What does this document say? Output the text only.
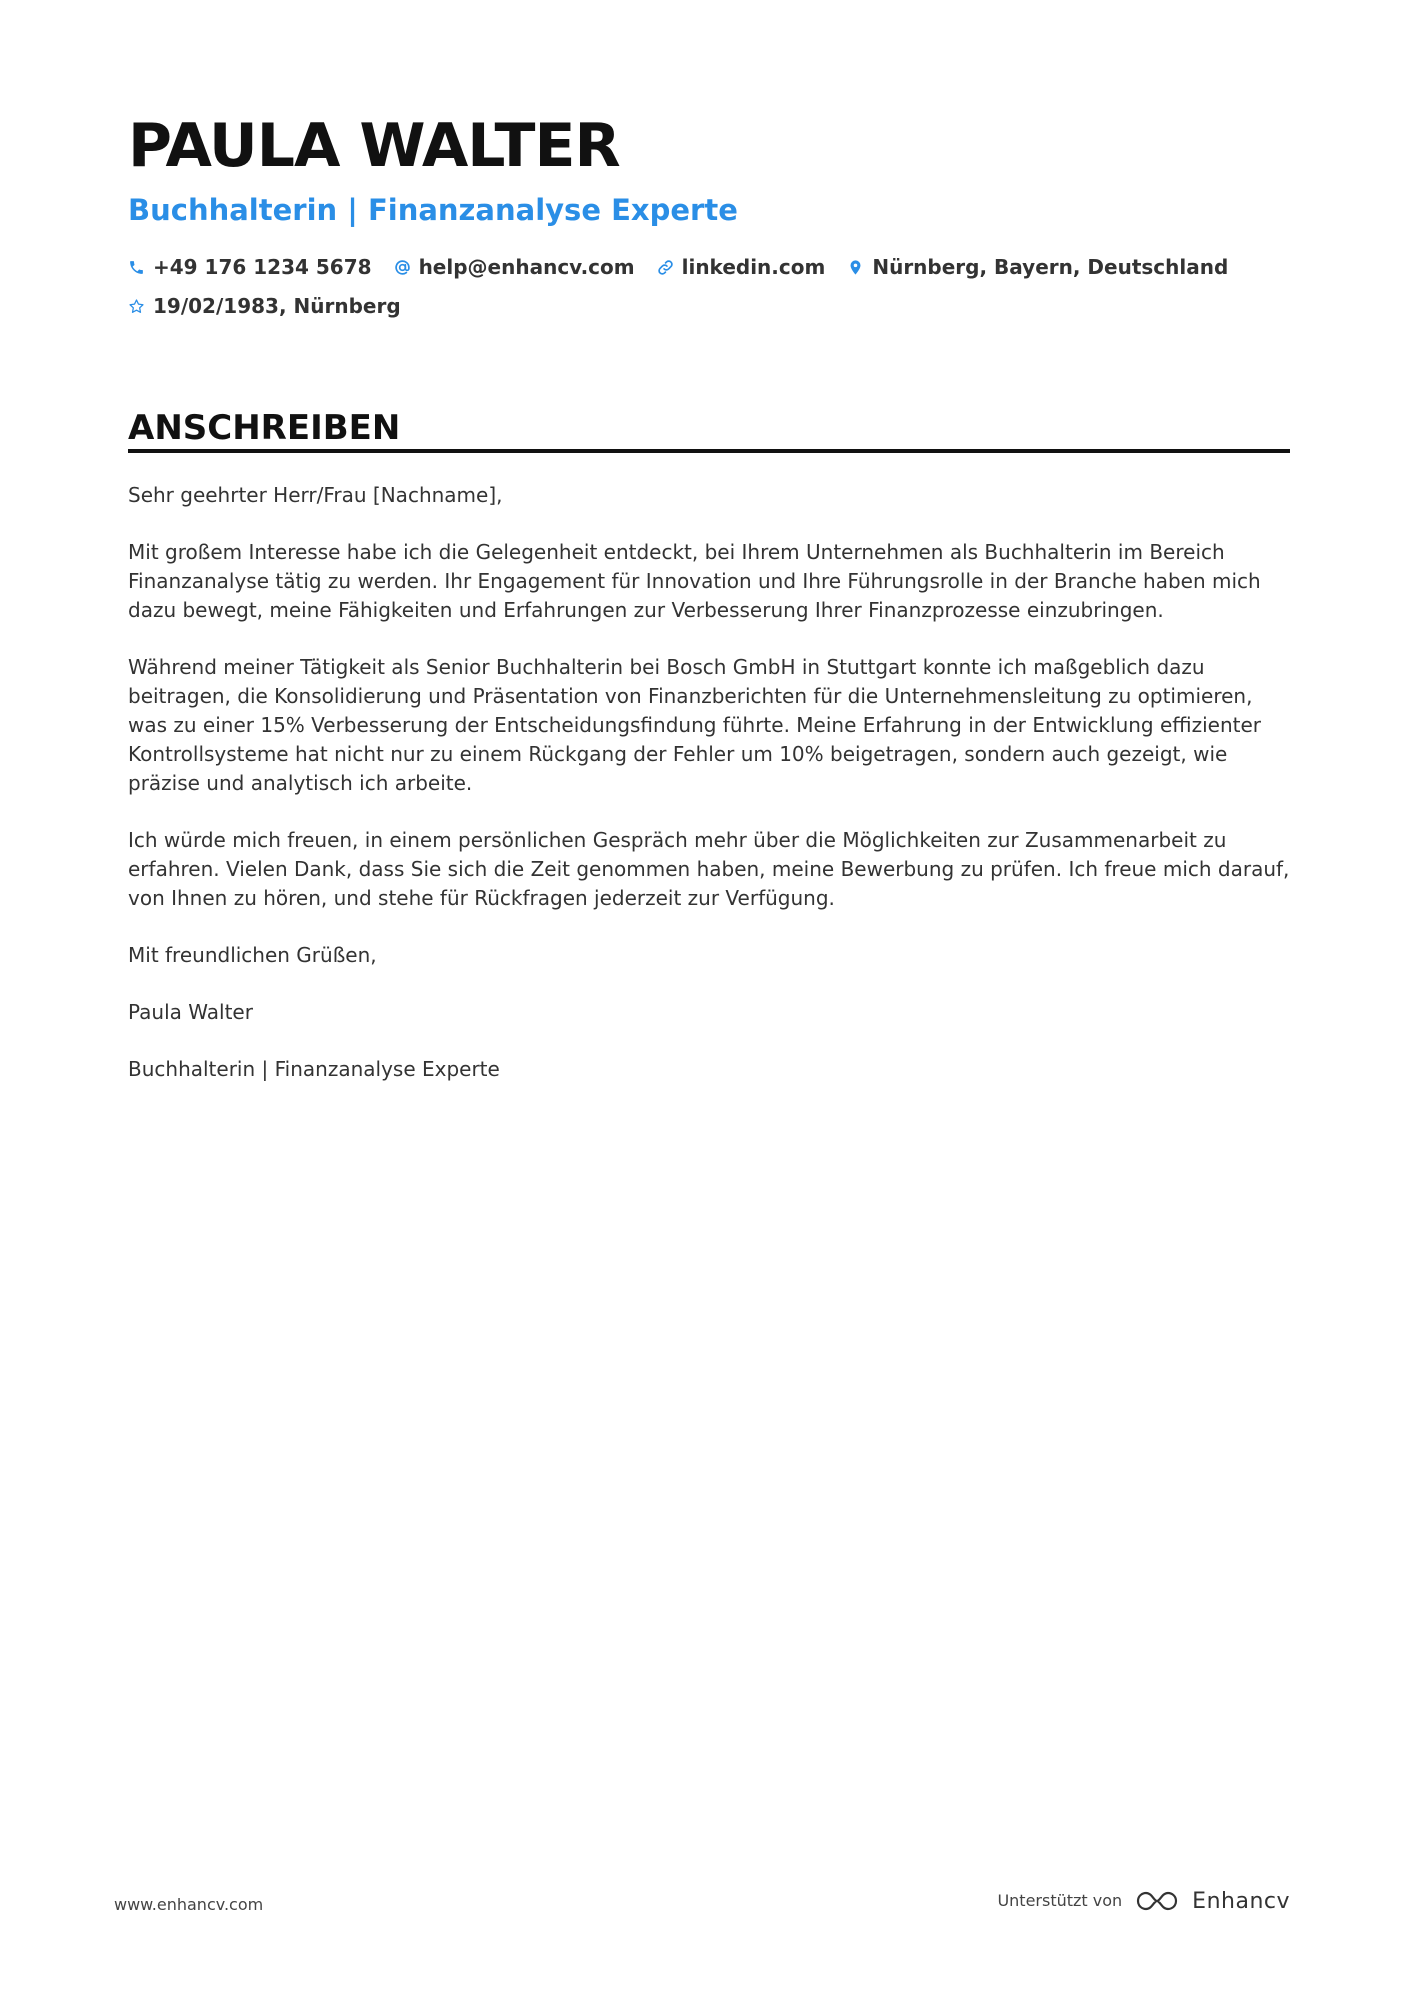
PAULA WALTER
Buchhalterin | Finanzanalyse Experte
+49 176 1234 5678 help@enhancv.com linkedin.com Nürnberg, Bayern, Deutschland
19/02/1983, Nürnberg
ANSCHREIBEN

Sehr geehrter Herr/Frau [Nachname],

Mit großem Interesse habe ich die Gelegenheit entdeckt, bei Ihrem Unternehmen als Buchhalterin im Bereich Finanzanalyse tätig zu werden. Ihr Engagement für Innovation und Ihre Führungsrolle in der Branche haben mich dazu bewegt, meine Fähigkeiten und Erfahrungen zur Verbesserung Ihrer Finanzprozesse einzubringen.

Während meiner Tätigkeit als Senior Buchhalterin bei Bosch GmbH in Stuttgart konnte ich maßgeblich dazu beitragen, die Konsolidierung und Präsentation von Finanzberichten für die Unternehmensleitung zu optimieren, was zu einer 15% Verbesserung der Entscheidungsfindung führte. Meine Erfahrung in der Entwicklung effizienter Kontrollsysteme hat nicht nur zu einem Rückgang der Fehler um 10% beigetragen, sondern auch gezeigt, wie präzise und analytisch ich arbeite.

Ich würde mich freuen, in einem persönlichen Gespräch mehr über die Möglichkeiten zur Zusammenarbeit zu erfahren. Vielen Dank, dass Sie sich die Zeit genommen haben, meine Bewerbung zu prüfen. Ich freue mich darauf, von Ihnen zu hören, und stehe für Rückfragen jederzeit zur Verfügung.

Mit freundlichen Grüßen,

Paula Walter

Buchhalterin | Finanzanalyse Experte

www.enhancv.com	Unterstützt von	Enhancv
